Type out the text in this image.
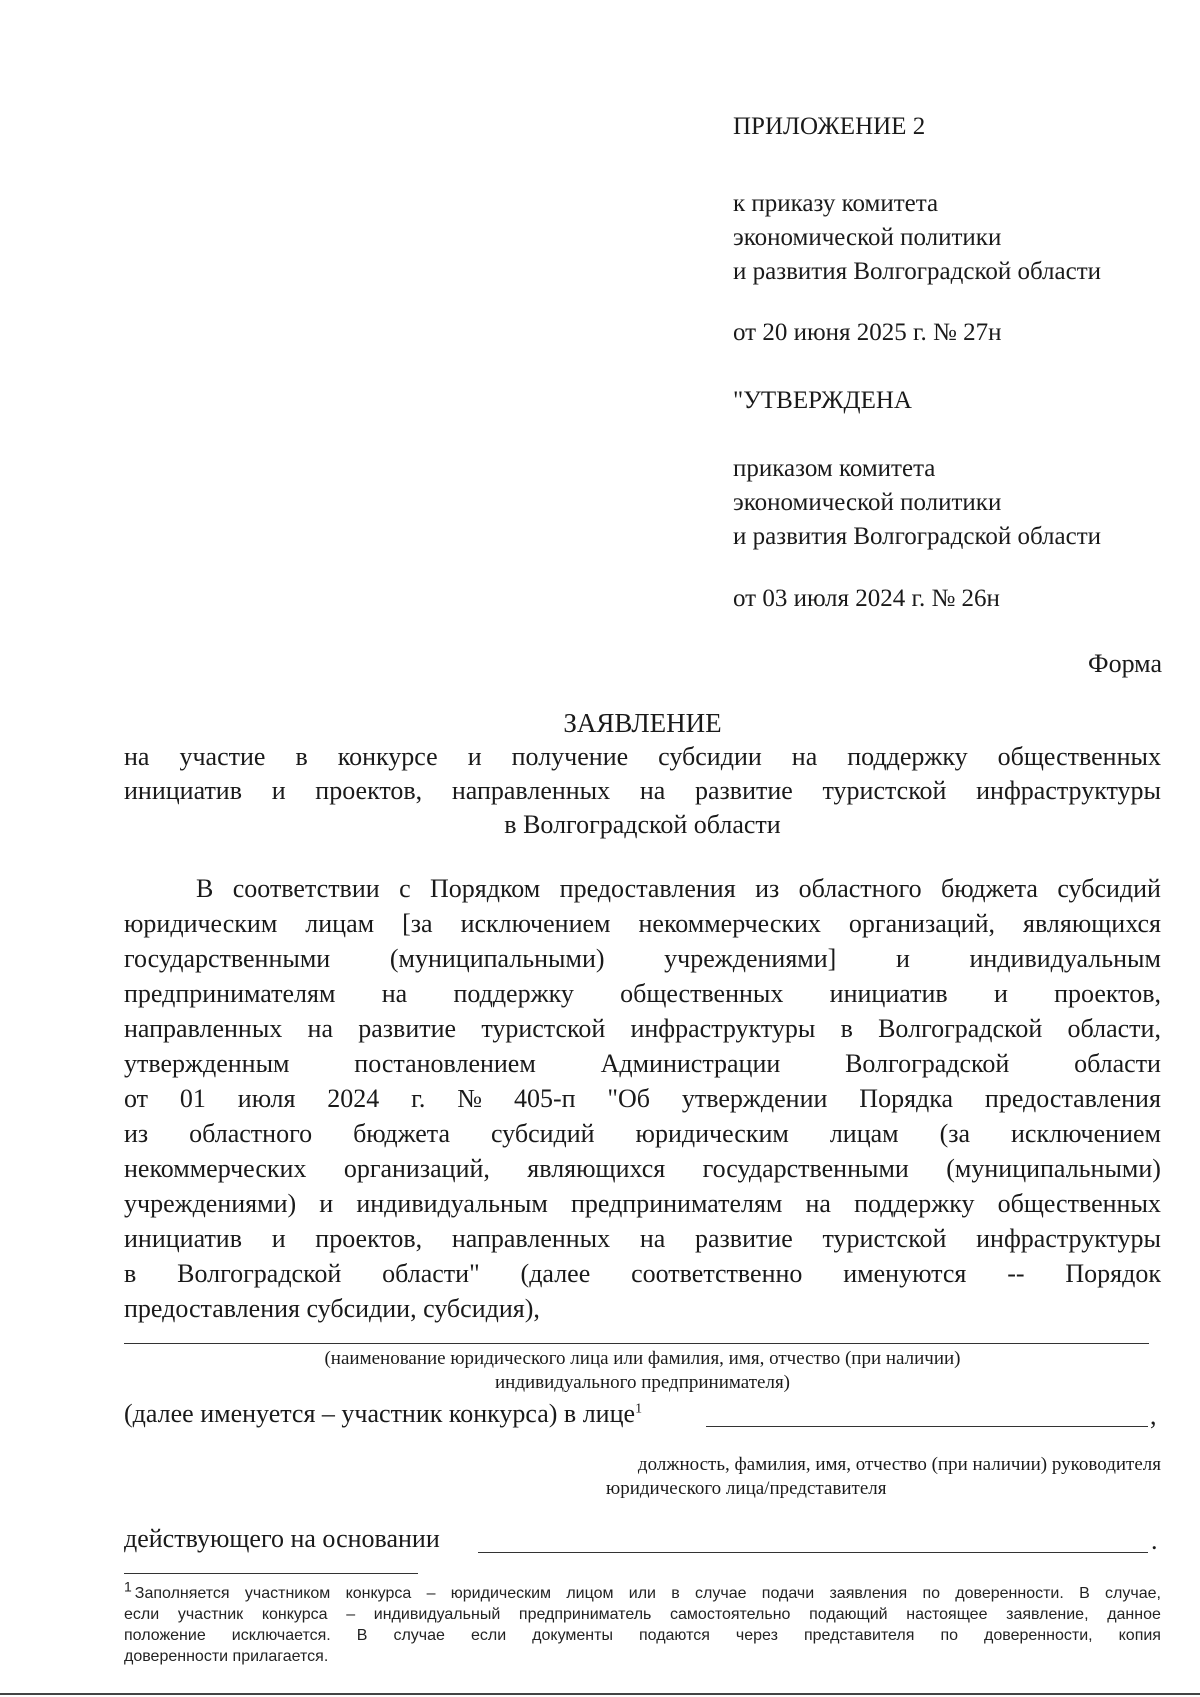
ПРИЛОЖЕНИЕ 2
к приказу комитета
экономической политики
и развития Волгоградской области
от 20 июня 2025 г. № 27н
"УТВЕРЖДЕНА
приказом комитета
экономической политики
и развития Волгоградской области
от 03 июля 2024 г. № 26н
Форма
ЗАЯВЛЕНИЕ
на участие в конкурсе и получение субсидии на поддержку общественных
инициатив и проектов, направленных на развитие туристской инфраструктуры
в Волгоградской области
В соответствии с Порядком предоставления из областного бюджета субсидий
юридическим лицам [за исключением некоммерческих организаций, являющихся
государственными (муниципальными) учреждениями] и индивидуальным
предпринимателям на поддержку общественных инициатив и проектов,
направленных на развитие туристской инфраструктуры в Волгоградской области,
утвержденным постановлением Администрации Волгоградской области
от 01 июля 2024 г. № 405-п "Об утверждении Порядка предоставления
из областного бюджета субсидий юридическим лицам (за исключением
некоммерческих организаций, являющихся государственными (муниципальными)
учреждениями) и индивидуальным предпринимателям на поддержку общественных
инициатив и проектов, направленных на развитие туристской инфраструктуры
в Волгоградской области" (далее соответственно именуются -- Порядок
предоставления субсидии, субсидия),
(наименование юридического лица или фамилия, имя, отчество (при наличии)
индивидуального предпринимателя)
(далее именуется – участник конкурса) в лице$^1$	,
должность, фамилия, имя, отчество (при наличии) руководителя
юридического лица/представителя
действующего на основании	.
$^1$ Заполняется участником конкурса – юридическим лицом или в случае подачи заявления по доверенности. В случае,
если участник конкурса – индивидуальный предприниматель самостоятельно подающий настоящее заявление, данное
положение исключается. В случае если документы подаются через представителя по доверенности, копия
доверенности прилагается.
